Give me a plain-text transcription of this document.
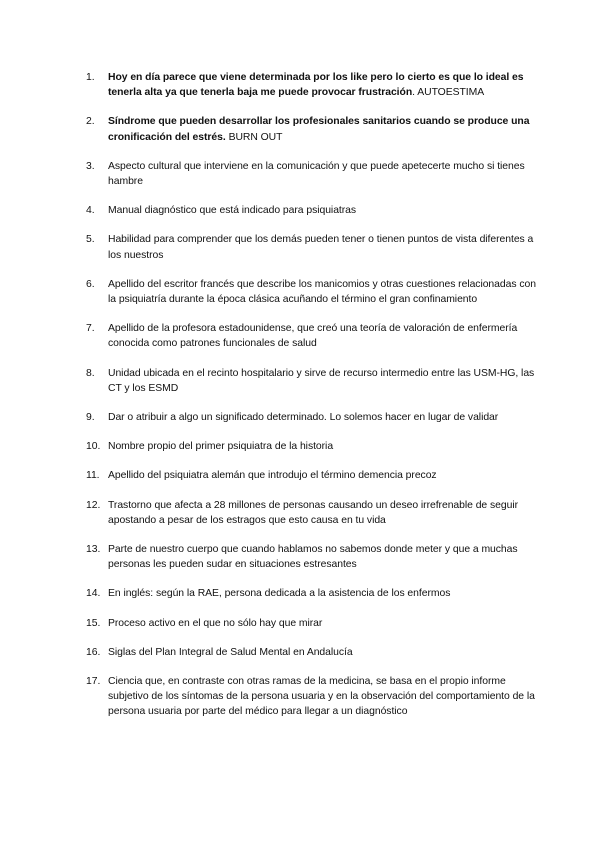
1. Hoy en día parece que viene determinada por los like pero lo cierto es que lo ideal es tenerla alta ya que tenerla baja me puede provocar frustración. AUTOESTIMA
2. Síndrome que pueden desarrollar los profesionales sanitarios cuando se produce una cronificación del estrés. BURN OUT
3. Aspecto cultural que interviene en la comunicación y que puede apetecerte mucho si tienes hambre
4. Manual diagnóstico que está indicado para psiquiatras
5. Habilidad para comprender que los demás pueden tener o tienen puntos de vista diferentes a los nuestros
6. Apellido del escritor francés que describe los manicomios y otras cuestiones relacionadas con la psiquiatría durante la época clásica acuñando el término el gran confinamiento
7. Apellido de la profesora estadounidense, que creó una teoría de valoración de enfermería conocida como patrones funcionales de salud
8. Unidad ubicada en el recinto hospitalario y sirve de recurso intermedio entre las USM-HG, las CT y los ESMD
9. Dar o atribuir a algo un significado determinado. Lo solemos hacer en lugar de validar
10. Nombre propio del primer psiquiatra de la historia
11. Apellido del psiquiatra alemán que introdujo el término demencia precoz
12. Trastorno que afecta a 28 millones de personas causando un deseo irrefrenable de seguir apostando a pesar de los estragos que esto causa en tu vida
13. Parte de nuestro cuerpo que cuando hablamos no sabemos donde meter y que a muchas personas les pueden sudar en situaciones estresantes
14. En inglés: según la RAE, persona dedicada a la asistencia de los enfermos
15. Proceso activo en el que no sólo hay que mirar
16. Siglas del Plan Integral de Salud Mental en Andalucía
17. Ciencia que, en contraste con otras ramas de la medicina, se basa en el propio informe subjetivo de los síntomas de la persona usuaria y en la observación del comportamiento de la persona usuaria por parte del médico para llegar a un diagnóstico
